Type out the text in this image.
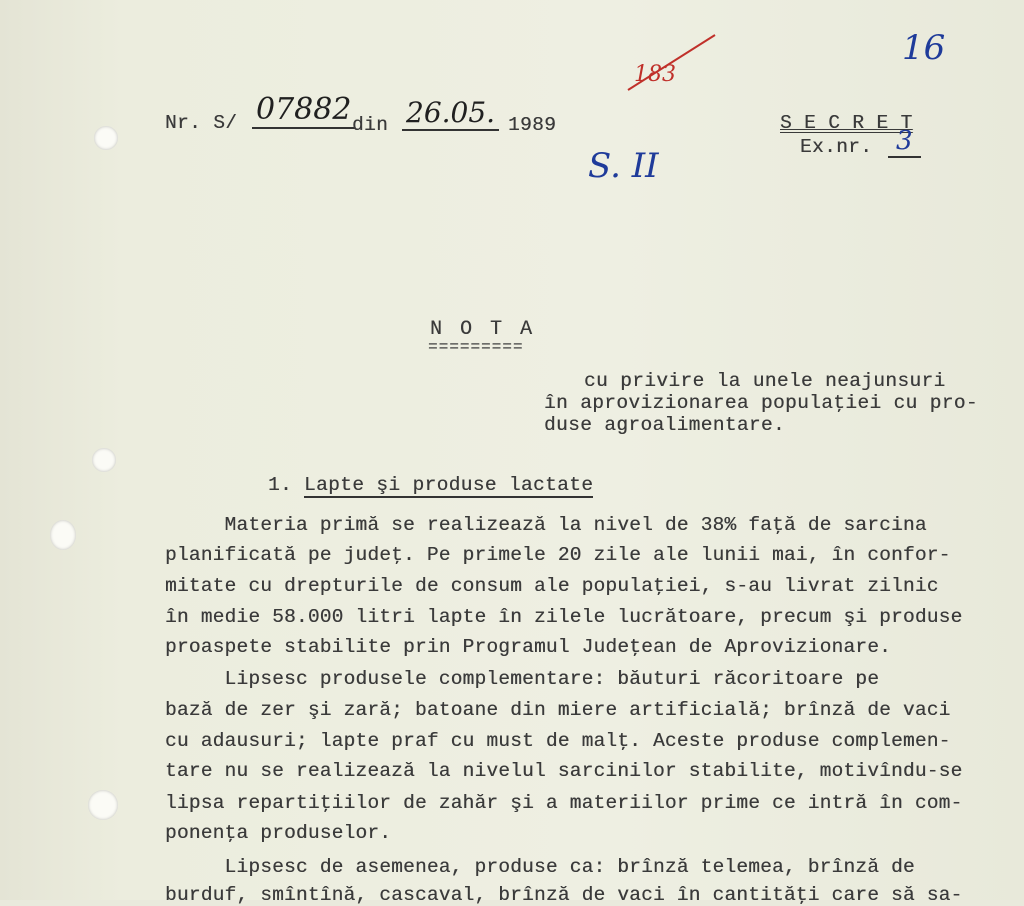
Nr. S/ 07882 din 26.05. 1989	S E C R E T
Ex.nr. 3
16
183
S. II
N O T A
=========
cu privire la unele neajunsuri
în aprovizionarea populaţiei cu pro-
duse agroalimentare.
1. Lapte şi produse lactate
Materia primă se realizează la nivel de 38% faţă de sarcina
planificată pe judeţ. Pe primele 20 zile ale lunii mai, în confor-
mitate cu drepturile de consum ale populaţiei, s-au livrat zilnic
în medie 58.000 litri lapte în zilele lucrătoare, precum şi produse
proaspete stabilite prin Programul Judeţean de Aprovizionare.
Lipsesc produsele complementare: băuturi răcoritoare pe
bază de zer şi zară; batoane din miere artificială; brînză de vaci
cu adausuri; lapte praf cu must de malţ. Aceste produse complemen-
tare nu se realizează la nivelul sarcinilor stabilite, motivîndu-se
lipsa repartiţiilor de zahăr şi a materiilor prime ce intră în com-
ponenţa produselor.
Lipsesc de asemenea, produse ca: brînză telemea, brînză de
burduf, smîntînă, cascaval, brînză de vaci în cantităţi care să sa-
